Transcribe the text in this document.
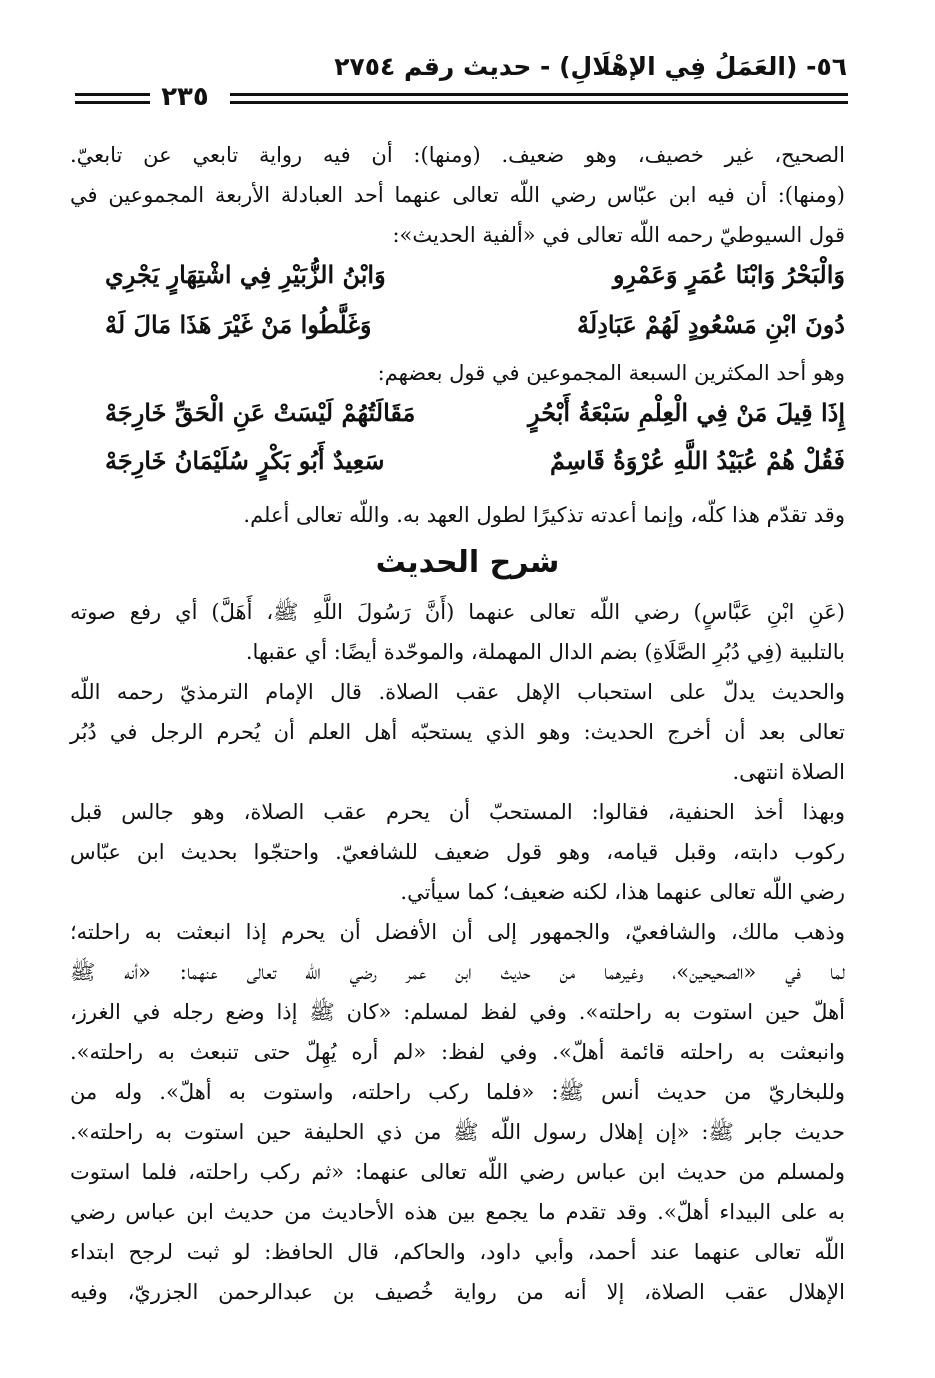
٥٦- (العَمَلُ فِي الإهْلَالِ) - حديث رقم ٢٧٥٤
٢٣٥
الصحيح، غير خصيف، وهو ضعيف. (ومنها): أن فيه رواية تابعي عن تابعيّ.
(ومنها): أن فيه ابن عبّاس رضي اللّه تعالى عنهما أحد العبادلة الأربعة المجموعين في
قول السيوطيّ رحمه اللّه تعالى في «ألفية الحديث»:
وَالْبَحْرُ وَابْنَا عُمَرٍ وَعَمْرِو
وَابْنُ الزُّبَيْرِ فِي اشْتِهَارٍ يَجْرِي
دُونَ ابْنِ مَسْعُودٍ لَهُمْ عَبَادِلَهْ
وَغَلَّطُوا مَنْ غَيْرَ هَذَا مَالَ لَهْ
وهو أحد المكثرين السبعة المجموعين في قول بعضهم:
إِذَا قِيلَ مَنْ فِي الْعِلْمِ سَبْعَةُ أَبْحُرٍ
مَقَالَتُهُمْ لَيْسَتْ عَنِ الْحَقِّ خَارِجَهْ
فَقُلْ هُمْ عُبَيْدُ اللَّهِ عُرْوَةُ قَاسِمٌ
سَعِيدٌ أَبُو بَكْرٍ سُلَيْمَانُ خَارِجَهْ
وقد تقدّم هذا كلّه، وإنما أعدته تذكيرًا لطول العهد به. واللّه تعالى أعلم.
شرح الحديث
(عَنِ ابْنِ عَبَّاسٍ) رضي اللّه تعالى عنهما (أَنَّ رَسُولَ اللَّهِ ﷺ، أَهَلَّ) أي رفع صوته
بالتلبية (فِي دُبُرِ الصَّلَاةِ) بضم الدال المهملة، والموحّدة أيضًا: أي عقبها.
والحديث يدلّ على استحباب الإهل عقب الصلاة. قال الإمام الترمذيّ رحمه اللّه
تعالى بعد أن أخرج الحديث: وهو الذي يستحبّه أهل العلم أن يُحرم الرجل في دُبُر
الصلاة انتهى.
وبهذا أخذ الحنفية، فقالوا: المستحبّ أن يحرم عقب الصلاة، وهو جالس قبل
ركوب دابته، وقبل قيامه، وهو قول ضعيف للشافعيّ. واحتجّوا بحديث ابن عبّاس
رضي اللّه تعالى عنهما هذا، لكنه ضعيف؛ كما سيأتي.
وذهب مالك، والشافعيّ، والجمهور إلى أن الأفضل أن يحرم إذا انبعثت به راحلته؛
لما في «الصحيحين»، وغيرهما من حديث ابن عمر رضي اللّه تعالى عنهما: «أنه ﷺ
أهلّ حين استوت به راحلته». وفي لفظ لمسلم: «كان ﷺ إذا وضع رجله في الغرز،
وانبعثت به راحلته قائمة أهلّ». وفي لفظ: «لم أره يُهِلّ حتى تنبعث به راحلته».
وللبخاريّ من حديث أنس ﷺ: «فلما ركب راحلته، واستوت به أهلّ». وله من
حديث جابر ﷺ: «إن إهلال رسول اللّه ﷺ من ذي الحليفة حين استوت به راحلته».
ولمسلم من حديث ابن عباس رضي اللّه تعالى عنهما: «ثم ركب راحلته، فلما استوت
به على البيداء أهلّ». وقد تقدم ما يجمع بين هذه الأحاديث من حديث ابن عباس رضي
اللّه تعالى عنهما عند أحمد، وأبي داود، والحاكم، قال الحافظ: لو ثبت لرجح ابتداء
الإهلال عقب الصلاة، إلا أنه من رواية خُصيف بن عبدالرحمن الجزريّ، وفيه
